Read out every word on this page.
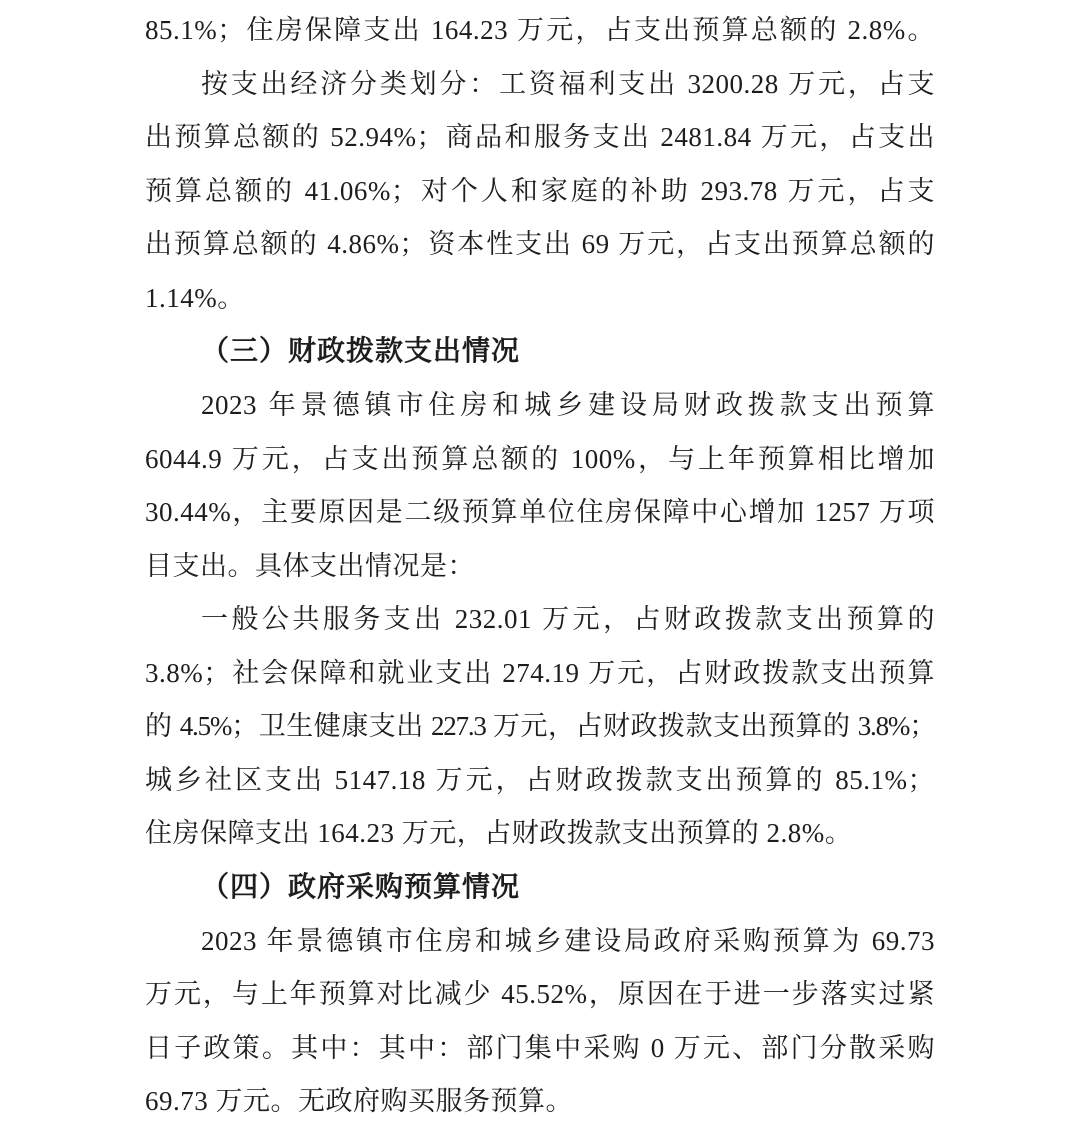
85.1%；住房保障支出 164.23 万元，占支出预算总额的 2.8%。
按支出经济分类划分：工资福利支出 3200.28 万元，占支
出预算总额的 52.94%；商品和服务支出 2481.84 万元，占支出
预算总额的 41.06%；对个人和家庭的补助 293.78 万元，占支
出预算总额的 4.86%；资本性支出 69 万元，占支出预算总额的
1.14%。
（三）财政拨款支出情况
2023 年景德镇市住房和城乡建设局财政拨款支出预算
6044.9 万元，占支出预算总额的 100%，与上年预算相比增加
30.44%，主要原因是二级预算单位住房保障中心增加 1257 万项
目支出。具体支出情况是：
一般公共服务支出 232.01 万元，占财政拨款支出预算的
3.8%；社会保障和就业支出 274.19 万元，占财政拨款支出预算
的 4.5%；卫生健康支出 227.3 万元，占财政拨款支出预算的 3.8%；
城乡社区支出 5147.18 万元，占财政拨款支出预算的 85.1%；
住房保障支出 164.23 万元，占财政拨款支出预算的 2.8%。
（四）政府采购预算情况
2023 年景德镇市住房和城乡建设局政府采购预算为 69.73
万元，与上年预算对比减少 45.52%，原因在于进一步落实过紧
日子政策。其中：其中：部门集中采购 0 万元、部门分散采购
69.73 万元。无政府购买服务预算。
